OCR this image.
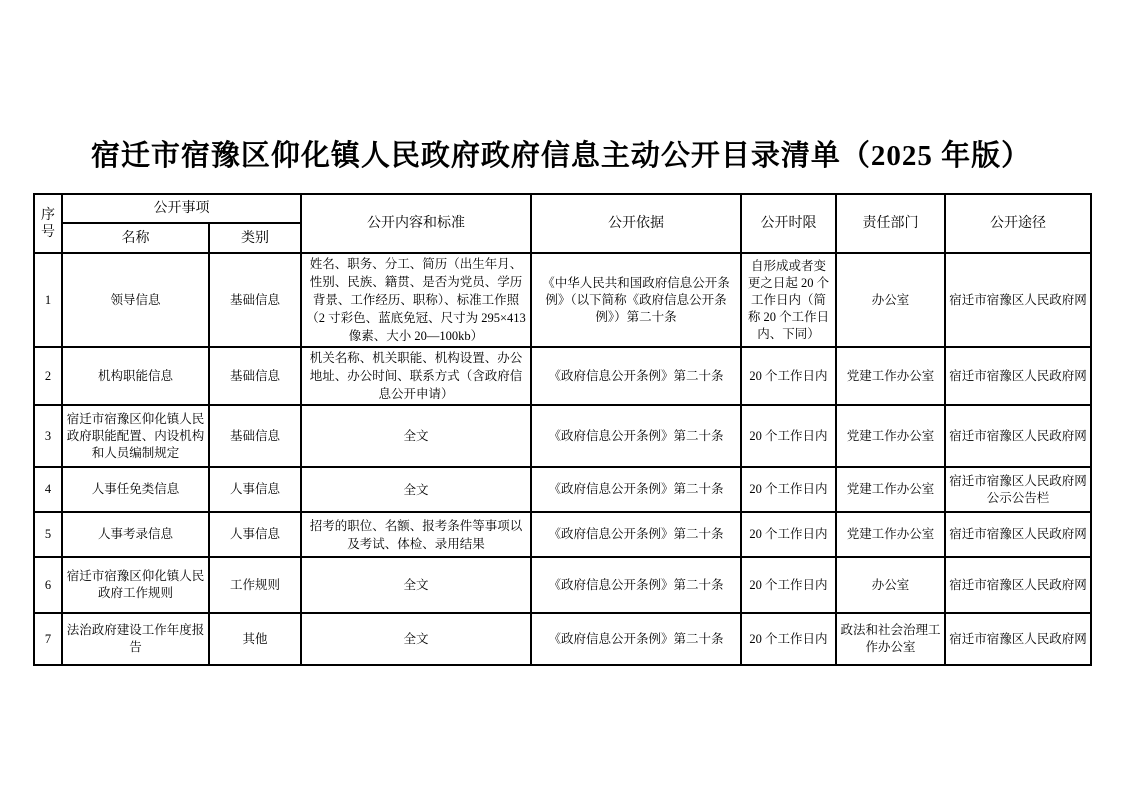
宿迁市宿豫区仰化镇人民政府政府信息主动公开目录清单（2025 年版）
序号	公开事项		公开内容和标准	公开依据	公开时限	责任部门	公开途径
	名称	类别					
1	领导信息	基础信息	姓名、职务、分工、简历（出生年月、性别、民族、籍贯、是否为党员、学历背景、工作经历、职称）、标准工作照（2 寸彩色、蓝底免冠、尺寸为 295×413 像素、大小 20—100kb）	《中华人民共和国政府信息公开条例》（以下简称《政府信息公开条例》）第二十条	自形成或者变更之日起 20 个工作日内（简称 20 个工作日内、下同）	办公室	宿迁市宿豫区人民政府网
2	机构职能信息	基础信息	机关名称、机关职能、机构设置、办公地址、办公时间、联系方式（含政府信息公开申请）	《政府信息公开条例》第二十条	20 个工作日内	党建工作办公室	宿迁市宿豫区人民政府网
3	宿迁市宿豫区仰化镇人民政府职能配置、内设机构和人员编制规定	基础信息	全文	《政府信息公开条例》第二十条	20 个工作日内	党建工作办公室	宿迁市宿豫区人民政府网
4	人事任免类信息	人事信息	全文	《政府信息公开条例》第二十条	20 个工作日内	党建工作办公室	宿迁市宿豫区人民政府网公示公告栏
5	人事考录信息	人事信息	招考的职位、名额、报考条件等事项以及考试、体检、录用结果	《政府信息公开条例》第二十条	20 个工作日内	党建工作办公室	宿迁市宿豫区人民政府网
6	宿迁市宿豫区仰化镇人民政府工作规则	工作规则	全文	《政府信息公开条例》第二十条	20 个工作日内	办公室	宿迁市宿豫区人民政府网
7	法治政府建设工作年度报告	其他	全文	《政府信息公开条例》第二十条	20 个工作日内	政法和社会治理工作办公室	宿迁市宿豫区人民政府网
